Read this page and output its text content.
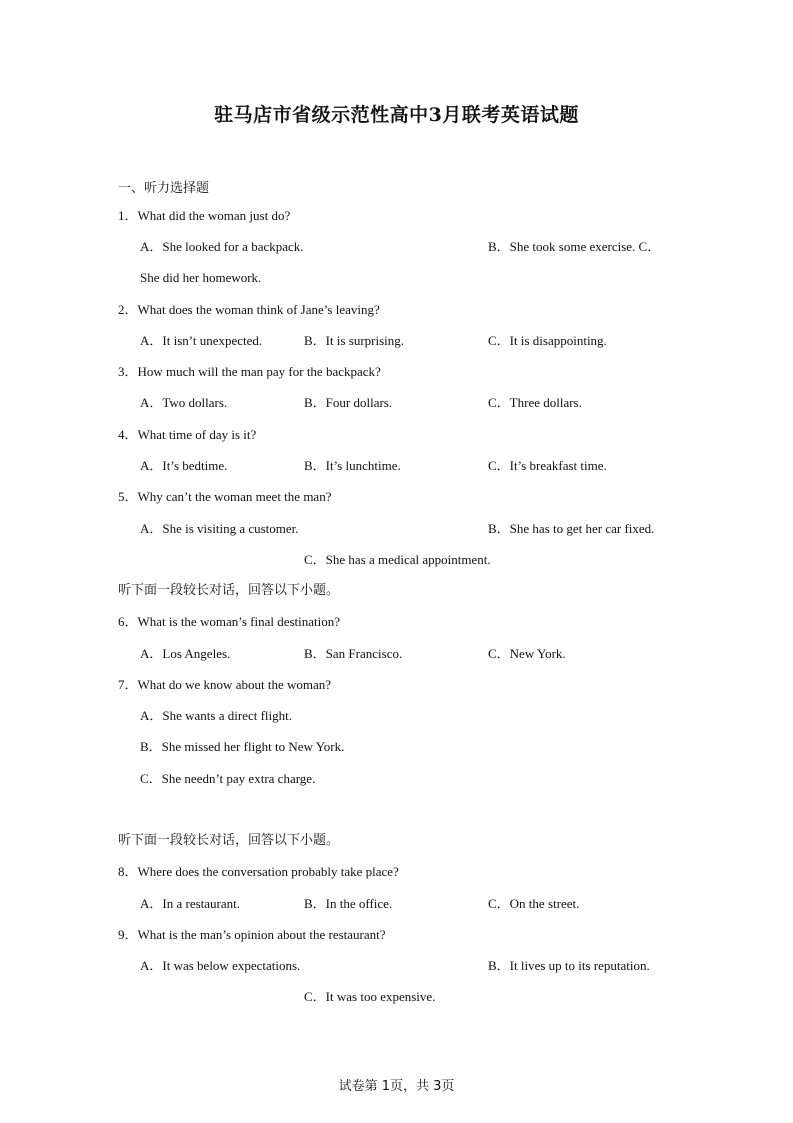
驻马店市省级示范性高中3月联考英语试题
一、听力选择题
1．What did the woman just do?
A．She looked for a backpack.	B．She took some exercise. C．
She did her homework.
2．What does the woman think of Jane’s leaving?
A．It isn’t unexpected.	B．It is surprising.	C．It is disappointing.
3．How much will the man pay for the backpack?
A．Two dollars.	B．Four dollars.	C．Three dollars.
4．What time of day is it?
A．It’s bedtime.	B．It’s lunchtime.	C．It’s breakfast time.
5．Why can’t the woman meet the man?
A．She is visiting a customer.	B．She has to get her car fixed.
C．She has a medical appointment.
听下面一段较长对话，回答以下小题。
6．What is the woman’s final destination?
A．Los Angeles.	B．San Francisco.	C．New York.
7．What do we know about the woman?
A．She wants a direct flight.
B．She missed her flight to New York.
C．She needn’t pay extra charge.
听下面一段较长对话，回答以下小题。
8．Where does the conversation probably take place?
A．In a restaurant.	B．In the office.	C．On the street.
9．What is the man’s opinion about the restaurant?
A．It was below expectations.	B．It lives up to its reputation.
C．It was too expensive.
试卷第 1页，共 3页
